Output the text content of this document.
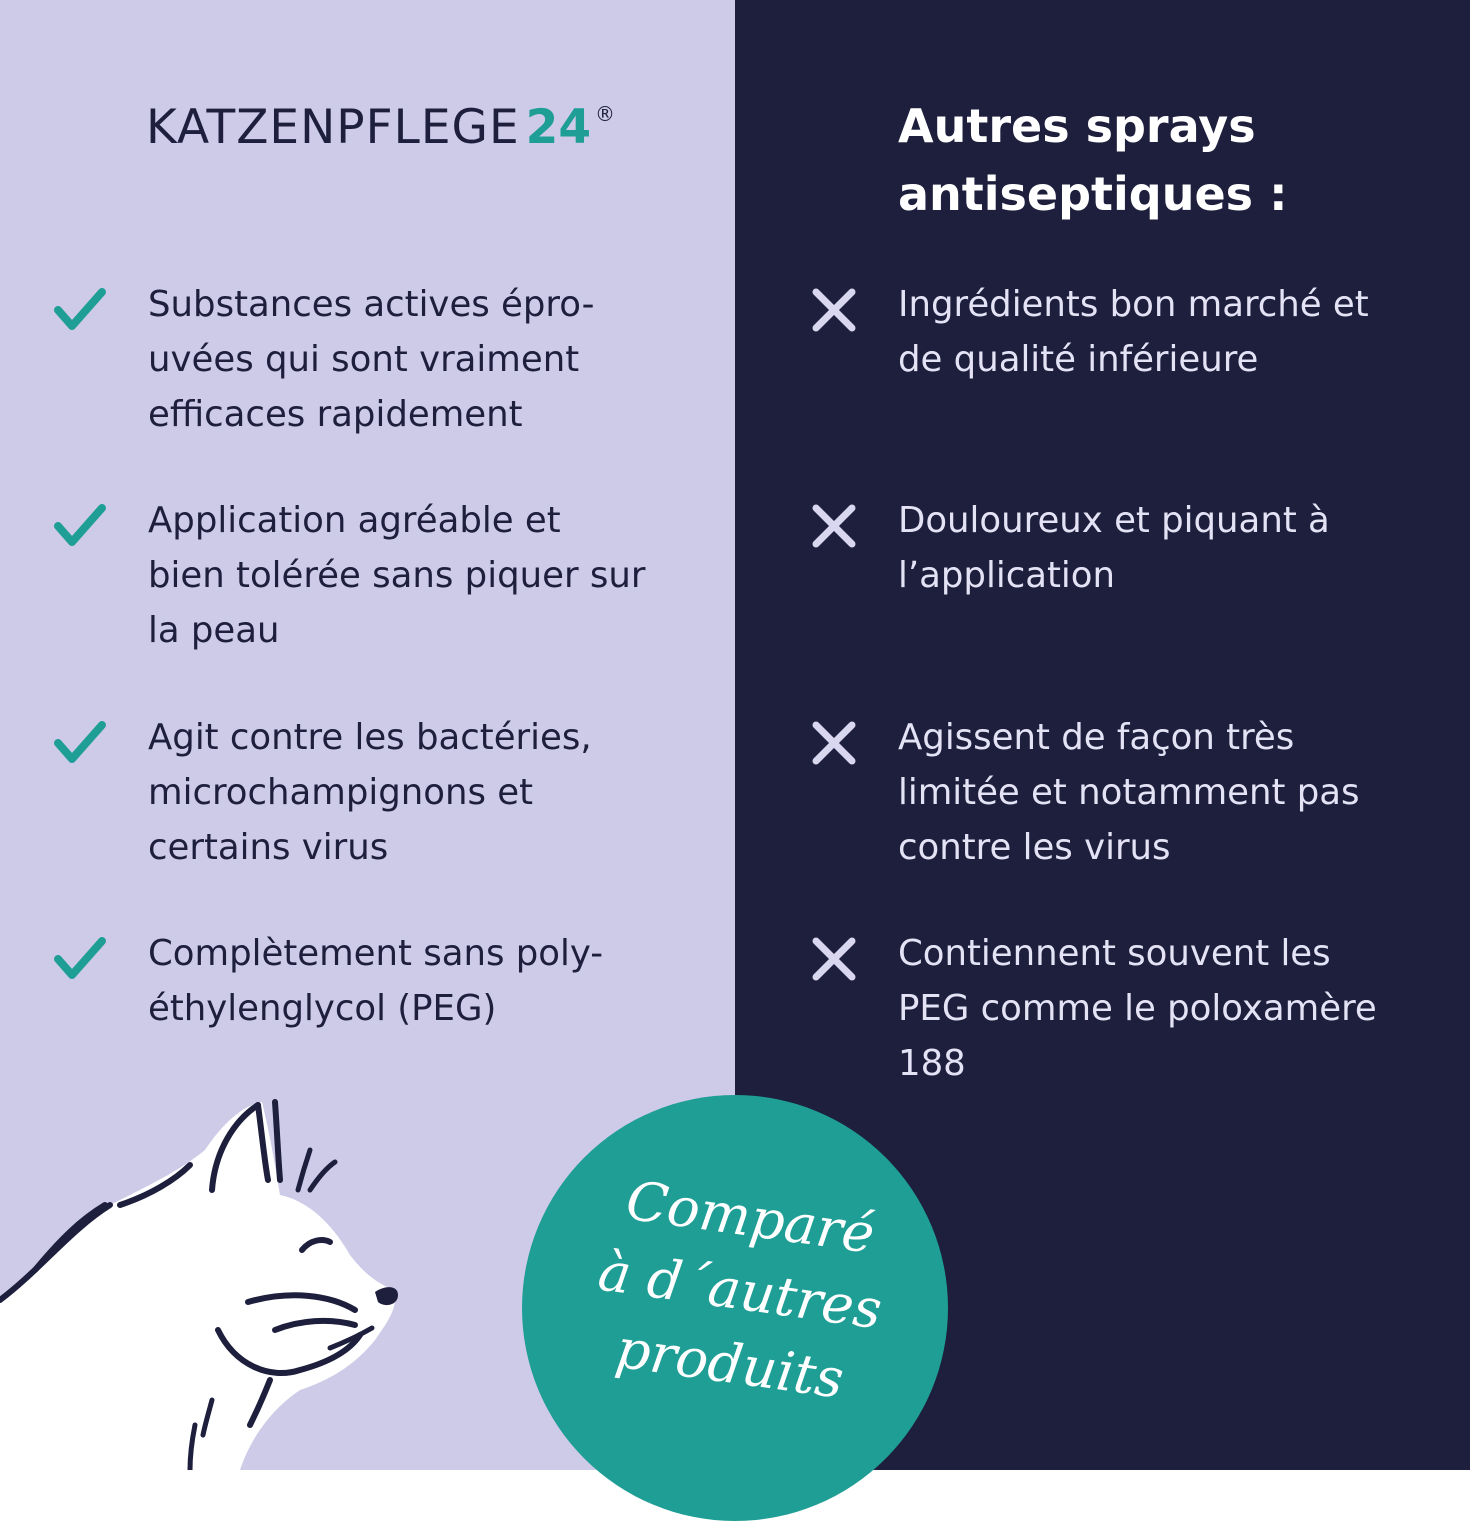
KATZENPFLEGE 24 ®	Autres sprays antiseptiques :
Substances actives épro-uvées qui sont vraiment efficaces rapidement
Application agréable et bien tolérée sans piquer sur la peau
Agit contre les bactéries, microchampignons et certains virus
Complètement sans poly-éthylenglycol (PEG)
Ingrédients bon marché et de qualité inférieure
Douloureux et piquant à l’application
Agissent de façon très limitée et notamment pas contre les virus
Contiennent souvent les PEG comme le poloxamère 188
Comparé
à d´autres
produits
